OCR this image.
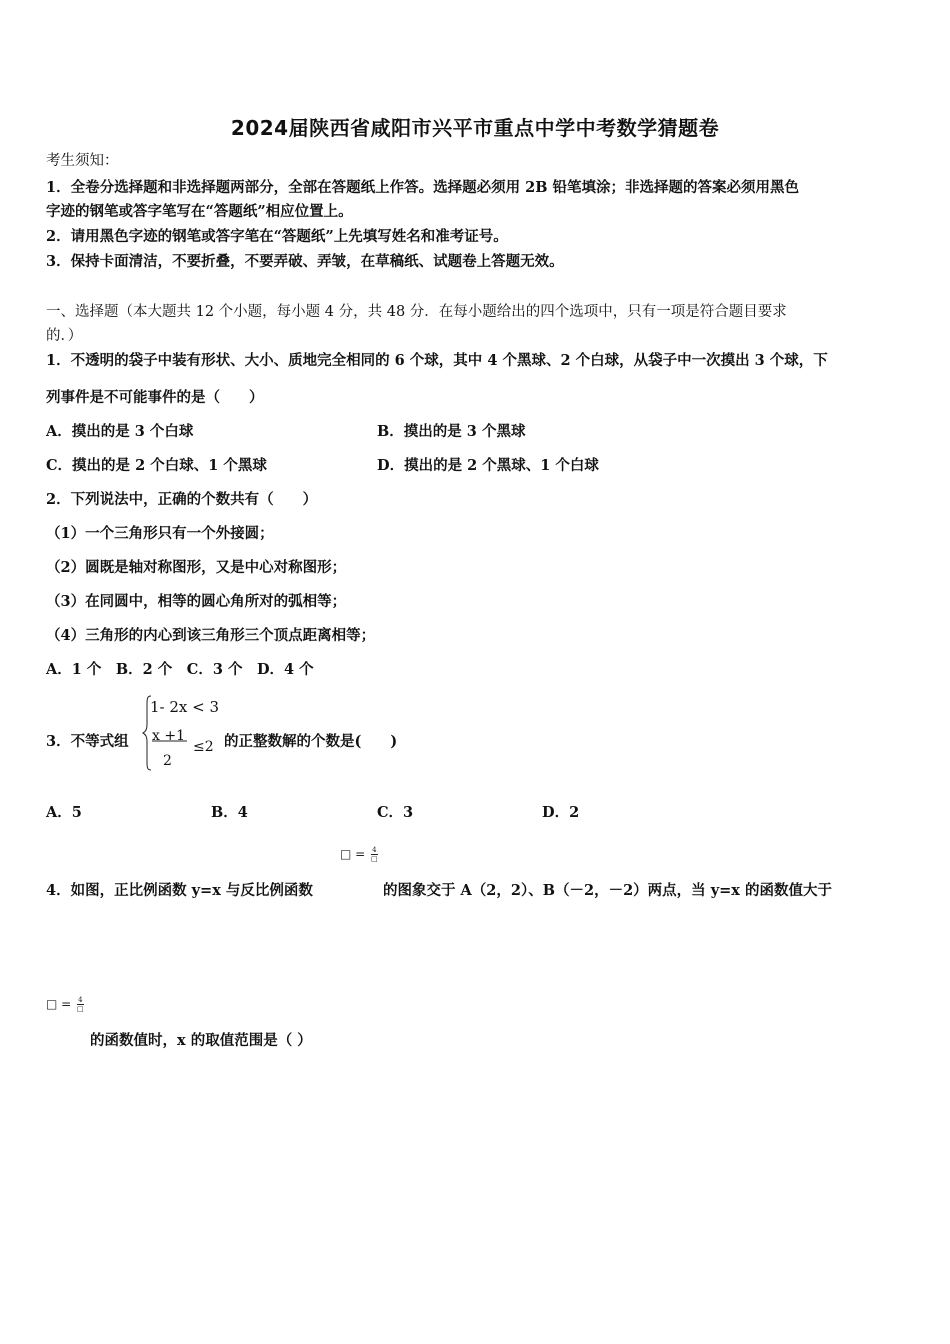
2024届陕西省咸阳市兴平市重点中学中考数学猜题卷
考生须知：
1．全卷分选择题和非选择题两部分，全部在答题纸上作答。选择题必须用 2B 铅笔填涂；非选择题的答案必须用黑色
字迹的钢笔或答字笔写在“答题纸”相应位置上。
2．请用黑色字迹的钢笔或答字笔在“答题纸”上先填写姓名和准考证号。
3．保持卡面清洁，不要折叠，不要弄破、弄皱，在草稿纸、试题卷上答题无效。
一、选择题（本大题共 12 个小题，每小题 4 分，共 48 分．在每小题给出的四个选项中，只有一项是符合题目要求
的．）
1．不透明的袋子中装有形状、大小、质地完全相同的 6 个球，其中 4 个黑球、2 个白球，从袋子中一次摸出 3 个球，下
列事件是不可能事件的是（　　）
A．摸出的是 3 个白球	B．摸出的是 3 个黑球
C．摸出的是 2 个白球、1 个黑球	D．摸出的是 2 个黑球、1 个白球
2．下列说法中，正确的个数共有（　　）
（1）一个三角形只有一个外接圆；
（2）圆既是轴对称图形，又是中心对称图形；
（3）在同圆中，相等的圆心角所对的弧相等；
（4）三角形的内心到该三角形三个顶点距离相等；
A．1 个　B．2 个　C．3 个　D．4 个
3．不等式组
1- 2x < 3
x +1
2
≤2 的正整数解的个数是(　　)
A．5	B．4	C．3	D．2
□ = $\frac{4}{□}$
4．如图，正比例函数 y=x 与反比例函数	的图象交于 A（2，2）、B（－2，－2）两点，当 y=x 的函数值大于
□ = $\frac{4}{□}$
的函数值时，x 的取值范围是（ ）
